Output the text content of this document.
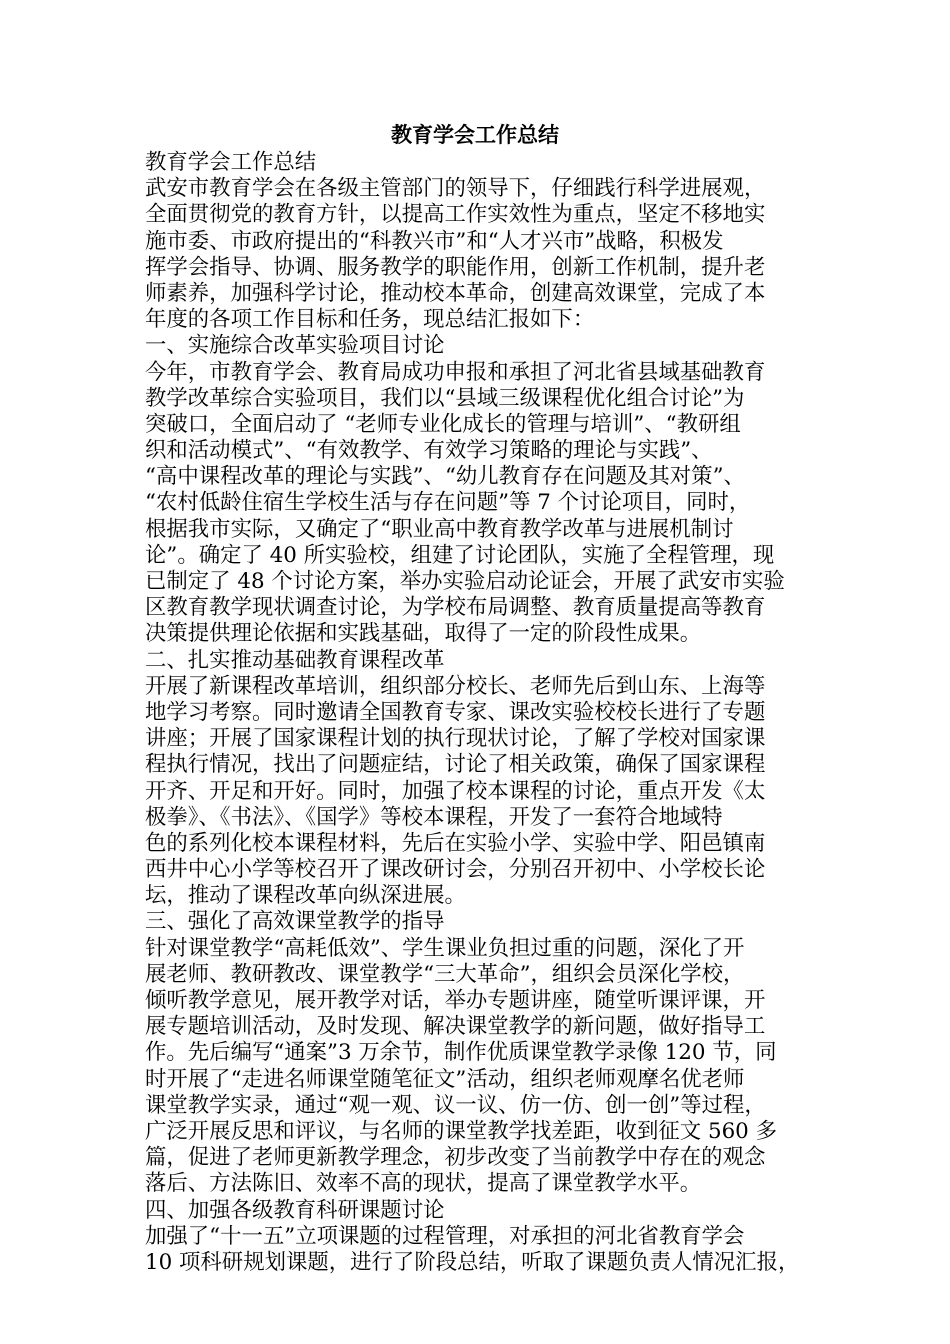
教育学会工作总结
教育学会工作总结
武安市教育学会在各级主管部门的领导下，仔细践行科学进展观，
全面贯彻党的教育方针，以提高工作实效性为重点，坚定不移地实
施市委、市政府提出的“科教兴市”和“人才兴市”战略，积极发
挥学会指导、协调、服务教学的职能作用，创新工作机制，提升老
师素养，加强科学讨论，推动校本革命，创建高效课堂，完成了本
年度的各项工作目标和任务，现总结汇报如下：
一、实施综合改革实验项目讨论
今年，市教育学会、教育局成功申报和承担了河北省县域基础教育
教学改革综合实验项目，我们以“县域三级课程优化组合讨论”为
突破口，全面启动了 “老师专业化成长的管理与培训”、“教研组
织和活动模式”、“有效教学、有效学习策略的理论与实践”、
“高中课程改革的理论与实践”、“幼儿教育存在问题及其对策”、
“农村低龄住宿生学校生活与存在问题”等 7 个讨论项目，同时，
根据我市实际，又确定了“职业高中教育教学改革与进展机制讨
论”。确定了 40 所实验校，组建了讨论团队，实施了全程管理，现
已制定了 48 个讨论方案，举办实验启动论证会，开展了武安市实验
区教育教学现状调查讨论，为学校布局调整、教育质量提高等教育
决策提供理论依据和实践基础，取得了一定的阶段性成果。
二、扎实推动基础教育课程改革
开展了新课程改革培训，组织部分校长、老师先后到山东、上海等
地学习考察。同时邀请全国教育专家、课改实验校校长进行了专题
讲座；开展了国家课程计划的执行现状讨论，了解了学校对国家课
程执行情况，找出了问题症结，讨论了相关政策，确保了国家课程
开齐、开足和开好。同时，加强了校本课程的讨论，重点开发《太
极拳》、《书法》、《国学》等校本课程，开发了一套符合地域特
色的系列化校本课程材料，先后在实验小学、实验中学、阳邑镇南
西井中心小学等校召开了课改研讨会，分别召开初中、小学校长论
坛，推动了课程改革向纵深进展。
三、强化了高效课堂教学的指导
针对课堂教学“高耗低效”、学生课业负担过重的问题，深化了开
展老师、教研教改、课堂教学“三大革命”，组织会员深化学校，
倾听教学意见，展开教学对话，举办专题讲座，随堂听课评课，开
展专题培训活动，及时发现、解决课堂教学的新问题，做好指导工
作。先后编写“通案”3 万余节，制作优质课堂教学录像 120 节，同
时开展了“走进名师课堂随笔征文”活动，组织老师观摩名优老师
课堂教学实录，通过“观一观、议一议、仿一仿、创一创”等过程，
广泛开展反思和评议，与名师的课堂教学找差距，收到征文 560 多
篇，促进了老师更新教学理念，初步改变了当前教学中存在的观念
落后、方法陈旧、效率不高的现状，提高了课堂教学水平。
四、加强各级教育科研课题讨论
加强了“十一五”立项课题的过程管理，对承担的河北省教育学会
10 项科研规划课题，进行了阶段总结，听取了课题负责人情况汇报，
